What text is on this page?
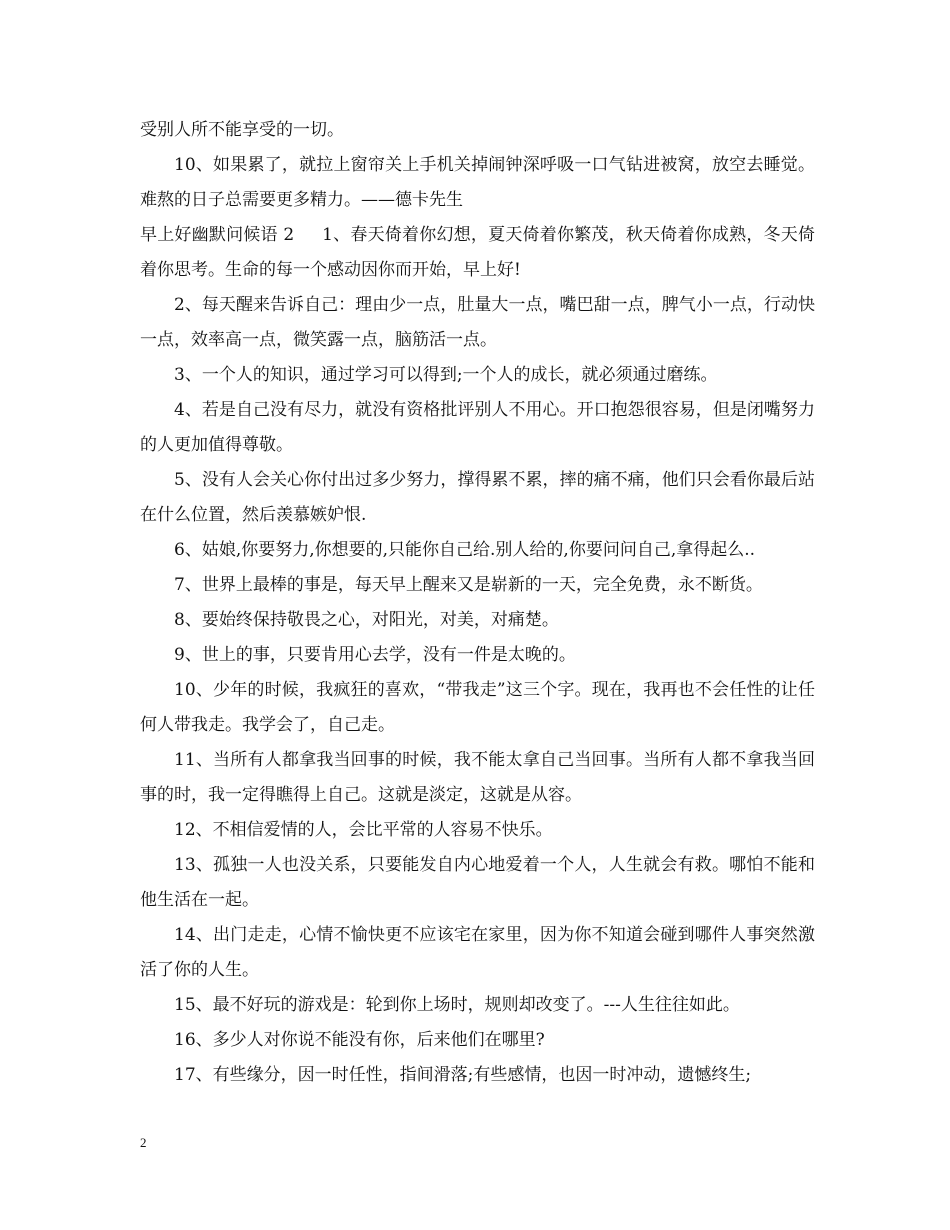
受别人所不能享受的一切。

10、如果累了，就拉上窗帘关上手机关掉闹钟深呼吸一口气钻进被窝，放空去睡觉。难熬的日子总需要更多精力。——德卡先生

早上好幽默问候语 2 1、春天倚着你幻想，夏天倚着你繁茂，秋天倚着你成熟，冬天倚着你思考。生命的每一个感动因你而开始，早上好!

2、每天醒来告诉自己：理由少一点，肚量大一点，嘴巴甜一点，脾气小一点，行动快一点，效率高一点，微笑露一点，脑筋活一点。

3、一个人的知识，通过学习可以得到;一个人的成长，就必须通过磨练。

4、若是自己没有尽力，就没有资格批评别人不用心。开口抱怨很容易，但是闭嘴努力的人更加值得尊敬。

5、没有人会关心你付出过多少努力，撑得累不累，摔的痛不痛，他们只会看你最后站在什么位置，然后羡慕嫉妒恨.

6、姑娘,你要努力,你想要的,只能你自己给.别人给的,你要问问自己,拿得起么..

7、世界上最棒的事是，每天早上醒来又是崭新的一天，完全免费，永不断货。

8、要始终保持敬畏之心，对阳光，对美，对痛楚。

9、世上的事，只要肯用心去学，没有一件是太晚的。

10、少年的时候，我疯狂的喜欢，“带我走”这三个字。现在，我再也不会任性的让任何人带我走。我学会了，自己走。

11、当所有人都拿我当回事的时候，我不能太拿自己当回事。当所有人都不拿我当回事的时，我一定得瞧得上自己。这就是淡定，这就是从容。

12、不相信爱情的人，会比平常的人容易不快乐。

13、孤独一人也没关系，只要能发自内心地爱着一个人，人生就会有救。哪怕不能和他生活在一起。

14、出门走走，心情不愉快更不应该宅在家里，因为你不知道会碰到哪件人事突然激活了你的人生。

15、最不好玩的游戏是：轮到你上场时，规则却改变了。---人生往往如此。

16、多少人对你说不能没有你，后来他们在哪里?

17、有些缘分，因一时任性，指间滑落;有些感情，也因一时冲动，遗憾终生;

2
